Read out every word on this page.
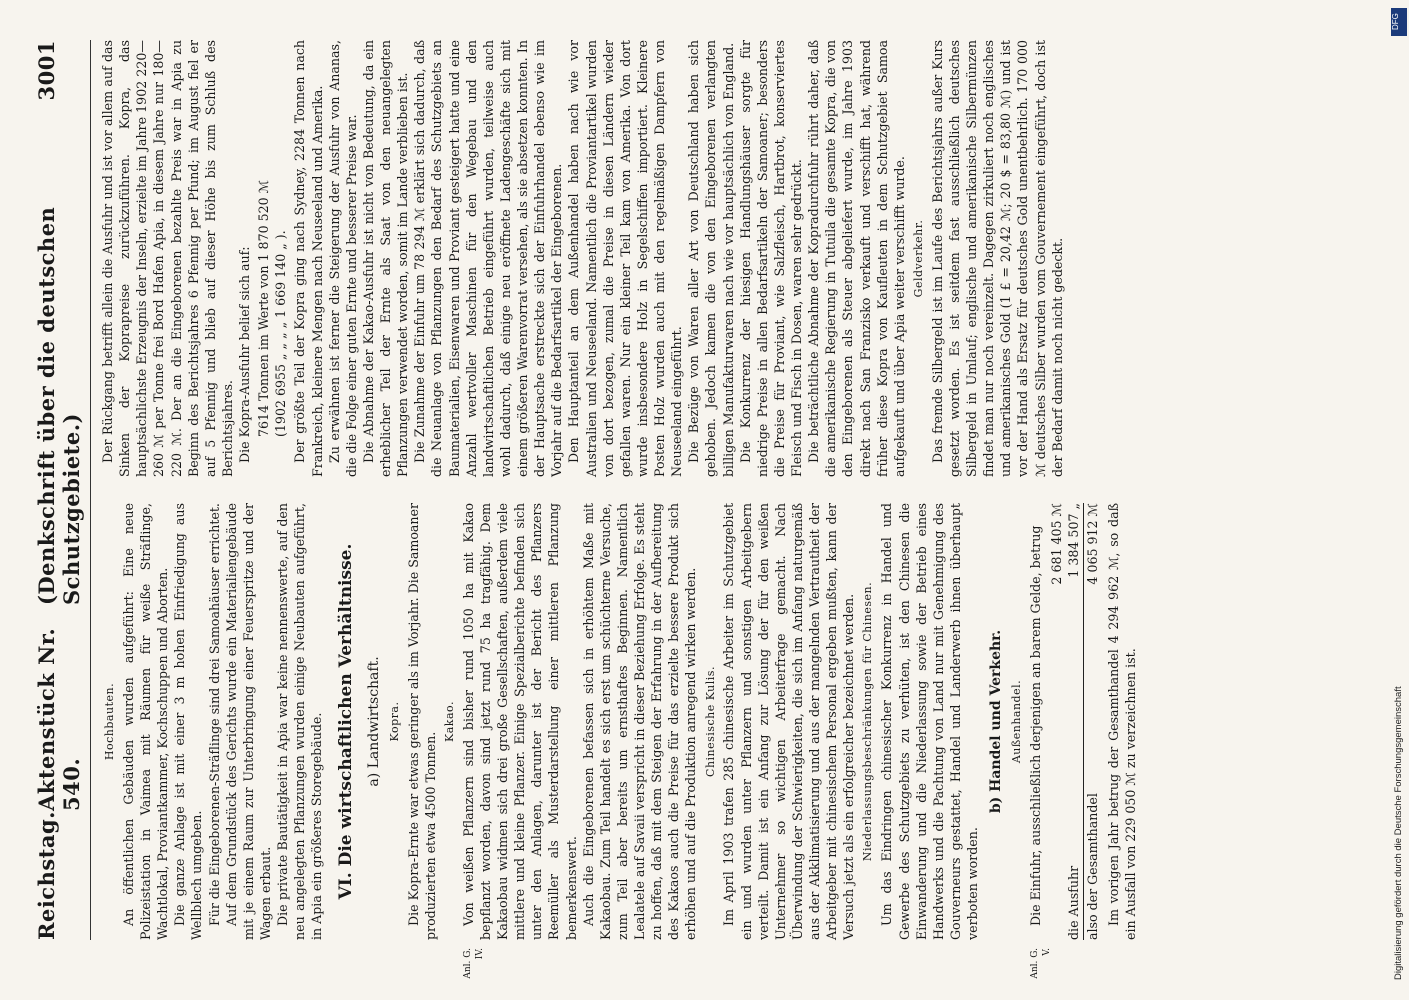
Reichstag.
Aktenstück Nr. 540.
(Denkschrift über die deutschen Schutzgebiete.)
3001
Hochbauten. An öffentlichen Gebäuden wurden aufgeführt: Eine neue Polizeistation in Vaimea mit Räumen für weiße Sträflinge, Wachtlokal, Proviantkammer, Kochschuppen und Aborten. Die ganze Anlage ist mit einer 3 m hohen Einfriedigung aus Wellblech umgeben. Für die Eingeborenen-Sträflinge sind drei Samoahäuser errichtet. Auf dem Grundstück des Gerichts wurde ein Materialiengebäude mit je einem Raum zur Unterbringung einer Feuerspritze und der Wagen erbaut. Die private Bautätigkeit in Apia war keine nennenswerte, auf den neu angelegten Pflanzungen wurden einige Neubauten aufgeführt, in Apia ein größeres Storegebäude. VI. Die wirtschaftlichen Verhältnisse. a) Landwirtschaft. Kopra. Die Kopra-Ernte war etwas geringer als im Vorjahr. Die Samoaner produzierten etwa 4500 Tonnen.

Kakao.
Anl. G. IV.

Von weißen Pflanzern sind bisher rund 1050 ha mit Kakao bepflanzt worden, davon sind jetzt rund 75 ha tragfähig. Dem Kakaobau widmen sich drei große Gesellschaften, außerdem viele mittlere und kleine Pflanzer. Einige Spezialberichte befinden sich unter den Anlagen, darunter ist der Bericht des Pflanzers Reemüller als Musterdarstellung einer mittleren Pflanzung bemerkenswert. Auch die Eingeborenen befassen sich in erhöhtem Maße mit Kakaobau. Zum Teil handelt es sich erst um schüchterne Versuche, zum Teil aber bereits um ernsthaftes Beginnen. Namentlich Lealatele auf Savaii verspricht in dieser Beziehung Erfolge. Es steht zu hoffen, daß mit dem Steigen der Erfahrung in der Aufbereitung des Kakaos auch die Preise für das erzielte bessere Produkt sich erhöhen und auf die Produktion anregend wirken werden. Chinesische Kulis. Im April 1903 trafen 285 chinesische Arbeiter im Schutzgebiet ein und wurden unter Pflanzern und sonstigen Arbeitgebern verteilt. Damit ist ein Anfang zur Lösung der für den weißen Unternehmer so wichtigen Arbeiterfrage gemacht. Nach Überwindung der Schwierigkeiten, die sich im Anfang naturgemäß aus der Akklimatisierung und aus der mangelnden Vertrautheit der Arbeitgeber mit chinesischem Personal ergeben mußten, kann der Versuch jetzt als ein erfolgreicher bezeichnet werden. Niederlassungsbeschränkungen für Chinesen. Um das Eindringen chinesischer Konkurrenz in Handel und Gewerbe des Schutzgebiets zu verhüten, ist den Chinesen die Einwanderung und die Niederlassung sowie der Betrieb eines Handwerks und die Pachtung von Land nur mit Genehmigung des Gouverneurs gestattet, Handel und Landerwerb ihnen überhaupt verboten worden.

b) Handel und Verkehr. Außenhandel.
Anl. G. V.

Die Einfuhr, ausschließlich derjenigen an barem Gelde, betrug 2 681 405 ℳ
die Ausfuhr
1 384 507 „
also der Gesamthandel
4 065 912 ℳ Im vorigen Jahr betrug der Gesamthandel 4 294 962 ℳ, so daß ein Ausfall von 229 050 ℳ zu verzeichnen ist.

Der Rückgang betrifft allein die Ausfuhr und ist vor allem auf das Sinken der Koprapreise zurückzuführen. Kopra, das hauptsächlichste Erzeugnis der Inseln, erzielte im Jahre 1902 220—260 ℳ per Tonne frei Bord Hafen Apia, in diesem Jahre nur 180—220 ℳ. Der an die Eingeborenen bezahlte Preis war in Apia zu Beginn des Berichtsjahres 6 Pfennig per Pfund; im August fiel er auf 5 Pfennig und blieb auf dieser Höhe bis zum Schluß des Berichtsjahres. Die Kopra-Ausfuhr belief sich auf: 7614 Tonnen im Werte von 1 870 520 ℳ (1902 6955 „ „ „ „ 1 669 140 „ ). Der größte Teil der Kopra ging nach Sydney, 2284 Tonnen nach Frankreich, kleinere Mengen nach Neuseeland und Amerika. Zu erwähnen ist ferner die Steigerung der Ausfuhr von Ananas, die die Folge einer guten Ernte und besserer Preise war. Die Abnahme der Kakao-Ausfuhr ist nicht von Bedeutung, da ein erheblicher Teil der Ernte als Saat von den neuangelegten Pflanzungen verwendet worden, somit im Lande verblieben ist. Die Zunahme der Einfuhr um 78 294 ℳ erklärt sich dadurch, daß die Neuanlage von Pflanzungen den Bedarf des Schutzgebiets an Baumaterialien, Eisenwaren und Proviant gesteigert hatte und eine Anzahl wertvoller Maschinen für den Wegebau und den landwirtschaftlichen Betrieb eingeführt wurden, teilweise auch wohl dadurch, daß einige neu eröffnete Ladengeschäfte sich mit einem größeren Warenvorrat versehen, als sie absetzen konnten. In der Hauptsache erstreckte sich der Einfuhrhandel ebenso wie im Vorjahr auf die Bedarfsartikel der Eingeborenen. Den Hauptanteil an dem Außenhandel haben nach wie vor Australien und Neuseeland. Namentlich die Proviantartikel wurden von dort bezogen, zumal die Preise in diesen Ländern wieder gefallen waren. Nur ein kleiner Teil kam von Amerika. Von dort wurde insbesondere Holz in Segelschiffen importiert. Kleinere Posten Holz wurden auch mit den regelmäßigen Dampfern von Neuseeland eingeführt. Die Bezüge von Waren aller Art von Deutschland haben sich gehoben. Jedoch kamen die von den Eingeborenen verlangten billigen Manufakturwaren nach wie vor hauptsächlich von England. Die Konkurrenz der hiesigen Handlungshäuser sorgte für niedrige Preise in allen Bedarfsartikeln der Samoaner; besonders die Preise für Proviant, wie Salzfleisch, Hartbrot, konserviertes Fleisch und Fisch in Dosen, waren sehr gedrückt. Die beträchtliche Abnahme der Kopradurchfuhr rührt daher, daß die amerikanische Regierung in Tutuila die gesamte Kopra, die von den Eingeborenen als Steuer abgeliefert wurde, im Jahre 1903 direkt nach San Franzisko verkauft und verschifft hat, während früher diese Kopra von Kaufleuten in dem Schutzgebiet Samoa aufgekauft und über Apia weiter verschifft wurde. Geldverkehr. Das fremde Silbergeld ist im Laufe des Berichtsjahrs außer Kurs gesetzt worden. Es ist seitdem fast ausschließlich deutsches Silbergeld in Umlauf; englische und amerikanische Silbermünzen findet man nur noch vereinzelt. Dagegen zirkuliert noch englisches und amerikanisches Gold (1 £ = 20,42 ℳ; 20 $ = 83,80 ℳ) und ist vor der Hand als Ersatz für deutsches Gold unentbehrlich. 170 000 ℳ deutsches Silber wurden vom Gouvernement eingeführt, doch ist der Bedarf damit noch nicht gedeckt.

DFG
Digitalisierung gefördert durch die Deutsche Forschungsgemeinschaft
